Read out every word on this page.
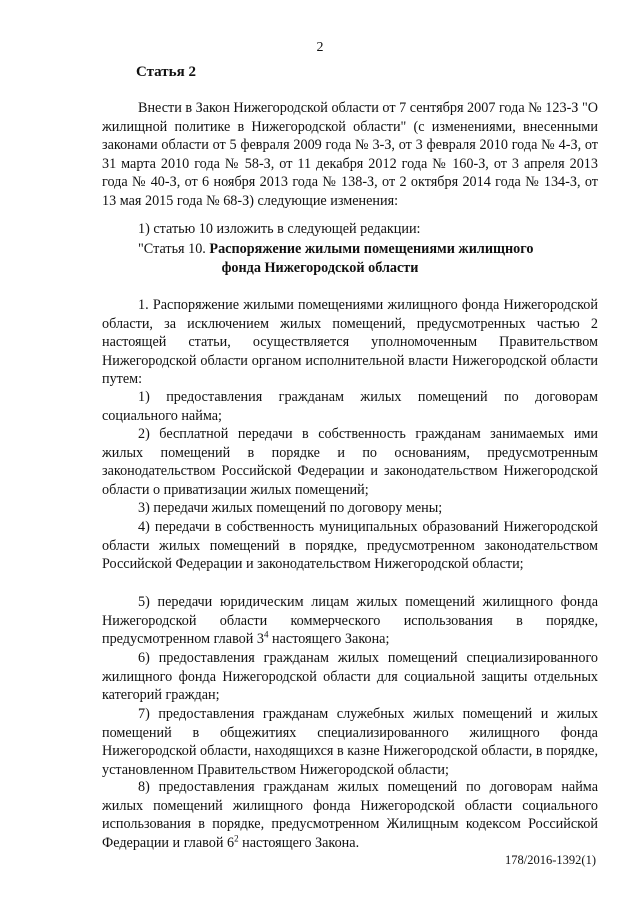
2
Статья 2
Внести в Закон Нижегородской области от 7 сентября 2007 года № 123-З "О жилищной политике в Нижегородской области" (с изменениями, внесенными законами области от 5 февраля 2009 года № 3-З, от 3 февраля 2010 года № 4-З, от 31 марта 2010 года № 58-З, от 11 декабря 2012 года № 160-З, от 3 апреля 2013 года № 40-З, от 6 ноября 2013 года № 138-З, от 2 октября 2014 года № 134-З, от 13 мая 2015 года № 68-З) следующие изменения:
1) статью 10 изложить в следующей редакции:
"Статья 10. Распоряжение жилыми помещениями жилищного
фонда Нижегородской области
1. Распоряжение жилыми помещениями жилищного фонда Нижегородской области, за исключением жилых помещений, предусмотренных частью 2 настоящей статьи, осуществляется уполномоченным Правительством Нижегородской области органом исполнительной власти Нижегородской области путем:
1) предоставления гражданам жилых помещений по договорам социального найма;
2) бесплатной передачи в собственность гражданам занимаемых ими жилых помещений в порядке и по основаниям, предусмотренным законодательством Российской Федерации и законодательством Нижегородской области о приватизации жилых помещений;
3) передачи жилых помещений по договору мены;
4) передачи в собственность муниципальных образований Нижегородской области жилых помещений в порядке, предусмотренном законодательством Российской Федерации и законодательством Нижегородской области;
5) передачи юридическим лицам жилых помещений жилищного фонда Нижегородской области коммерческого использования в порядке, предусмотренном главой $3^4$ настоящего Закона;
6) предоставления гражданам жилых помещений специализированного жилищного фонда Нижегородской области для социальной защиты отдельных категорий граждан;
7) предоставления гражданам служебных жилых помещений и жилых помещений в общежитиях специализированного жилищного фонда Нижегородской области, находящихся в казне Нижегородской области, в порядке, установленном Правительством Нижегородской области;
8) предоставления гражданам жилых помещений по договорам найма жилых помещений жилищного фонда Нижегородской области социального использования в порядке, предусмотренном Жилищным кодексом Российской Федерации и главой $6^2$ настоящего Закона.
178/2016-1392(1)
